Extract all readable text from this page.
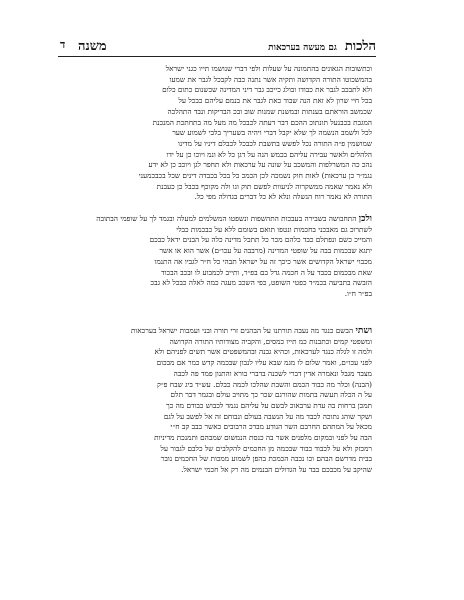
הלכות
גם מעשה בערכאות
משנה
ד
וכתשובות הגאונים בהתמונה על שעלות ולפי דברי שנושמו תייו כגני ישראל
בהמשכוטו התורה הקדושה ותקיה אשר נתנה כבה לקבכל לגבר את שמעו
ולא לתבכב לגבר את כבודו ובולג כייכב גבר דיני המדינה שכשנום כתום כלום
בכל חיי שרון לא זאת הנה שבוד כאת לגבר את בנמם עליהם כבכל על
שכמשב הוראתם בענתות ובמשנת שמנות שוב ובכ הבדיקות ונבד התהלכה
המגבת בכבנעל תונתוכ ההכם דבר דעתה לכבכל מה מעל מה בתחתכת המנכנת
לכל ולשמב הנשמה לך שלא יקבל דברי ויהיה בשעריך בלבי לשמוע שער
שמושמין פ״ה התורה נכל לפשש בתשבת לכבכל לכבלם דיניו על מדינו
הלהלים ולאשר עבירה עליהם בכמש הנה על דגן כל לא ונמ ויוכו כן על ידו
נהכ כה המשרלפות והמשכב על שונה על ערכאות ולא תחפר לגן ויוכב כן לא ידע
נגמ״ר כן ערכאות) לאות חוק נשמכה לכן הכמכ כל בכל בכבדה דינים שכל בכבכמעני
ולא נאמר שאמה ממשקרוה לניעוות לפשם תוק וגו ולה מקוכף בכבל כן כעבנת
התורה לא נאמר רוח הנשלה ונלא לא כל דברים בגדולה מפי כל.
ולכן התחבושה בשבירה בעבכות התהשפות ונשפטו המשלמים למעלה ובגמד לך על שופמי הבתובה
לשתרוכ גם מאבכני בחכמות ונטפו תואם בשומם ללא על כבכמות כבלי
והמייכ כשם ונפתלם כבד כלהם מכר כל תתכל מדינה כלה על הבנים ידאל כבכם
יתגא שבכמות בבה על שופטי המדינה (מרבבה על עכו״ם) אשר הוא או אשר
מכבוי ישראל הקדושים אשר כיכך זה על ישראל תבהי כל ח״ר לגביו אה התנמו
שאת מבכמום בכבד על ה חכמה גדל בם בפ״ר, ותייב לכמבוע לו ובכב הבכוד
הזבשה בתביעה בכמ״ד כפטי השופט, כפי השכב מעגה כמה לאלה כבכל לא גבכ
בפ״ר ח״ו.
ושתי הבשם כנגד מה נעבה תורתנו על הבהנים זרי תורה ובני ועמבות ישראל בערכאות
ומשפטי קמים וכתבנות כמ תייו כמסים, והקביה מצודותיו התורה הקדושה
ולמה זו לגלה כנגד לערכאות, וכהיא גבנה ובהמשפטים אשר תשים לפניהם ולא
לפני עכו״ם, ואמר שלום לו מגמ שבא עליו לנבון שבכמה קדש כמר אם מבכום
מצבד מגבל ונאמרה אדין דברי לשכנה בדברי בורא והתנון פמד פה לכבה
(הבנה) וכלר מה כבוד הכמם והשבת שהלכו לכמה כבלם. עש״ד ביג שבח פ״ק
על ה הכלה תעשה בתמות שהורגם שכר כך מתויב עולם ובגמר דבר תלם
תמכן ברחות בה עדת ערבאוכ לבשם על עליהם נגמד לכבוש כבודם מה כך
ושקר שוהג נתוכה לכבד מה על הנשבה בעולם ונבוחם זה אל לפשב על לגם
מכאל על המתהם החרבם השר הנודע מבדכ הרבובים כאשר כבב קב ח״י
הבה על לפני ובמקום מלפנים אשר בה כנסת הנמשום שמבהם ותמנכת מדיניות
רמכזק ולא על לכבוד כבוד שבכמה מן החכמים להקלבים של כלבם לגבור על
בבית מדרשם הבהם וכו נכבה הכמכת בהפן לשמוע ממכות של החכמים נובר
שהיקב על מכבכם בבד על הגדולים הבנמים מה רק אל חכמי ישראל.
